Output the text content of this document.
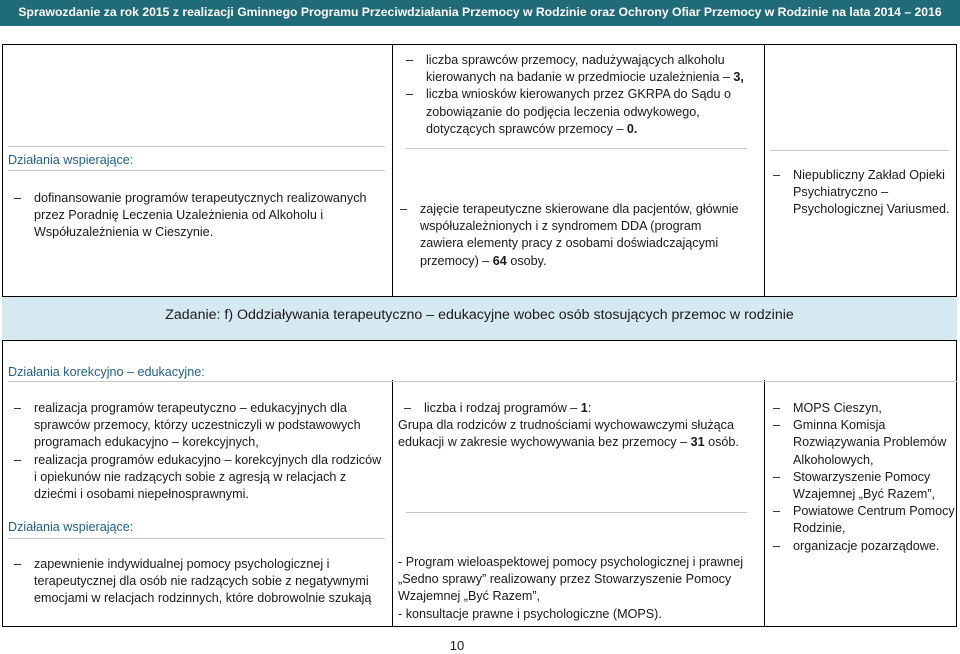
Sprawozdanie za rok 2015 z realizacji Gminnego Programu Przeciwdziałania Przemocy w Rodzinie oraz Ochrony Ofiar Przemocy w Rodzinie na lata 2014 – 2016
– liczba sprawców przemocy, nadużywających alkoholu kierowanych na badanie w przedmiocie uzależnienia – 3,
– liczba wniosków kierowanych przez GKRPA do Sądu o zobowiązanie do podjęcia leczenia odwykowego, dotyczących sprawców przemocy – 0.
Działania wspierające:
– dofinansowanie programów terapeutycznych realizowanych przez Poradnię Leczenia Uzależnienia od Alkoholu i Współuzależnienia w Cieszynie.
– zajęcie terapeutyczne skierowane dla pacjentów, głównie współuzależnionych i z syndromem DDA (program zawiera elementy pracy z osobami doświadczającymi przemocy) – 64 osoby.
– Niepubliczny Zakład Opieki Psychiatryczno – Psychologicznej Variusmed.
Zadanie: f) Oddziaływania terapeutyczno – edukacyjne wobec osób stosujących przemoc w rodzinie
Działania korekcyjno – edukacyjne:
– realizacja programów terapeutyczno – edukacyjnych dla sprawców przemocy, którzy uczestniczyli w podstawowych programach edukacyjno – korekcyjnych,
– realizacja programów edukacyjno – korekcyjnych dla rodziców i opiekunów nie radzących sobie z agresją w relacjach z dziećmi i osobami niepełnosprawnymi.
Działania wspierające:
– zapewnienie indywidualnej pomocy psychologicznej i terapeutycznej dla osób nie radzących sobie z negatywnymi emocjami w relacjach rodzinnych, które dobrowolnie szukają
– liczba i rodzaj programów – 1:
Grupa dla rodziców z trudnościami wychowawczymi służąca edukacji w zakresie wychowywania bez przemocy – 31 osób.
- Program wieloaspektowej pomocy psychologicznej i prawnej „Sedno sprawy” realizowany przez Stowarzyszenie Pomocy Wzajemnej „Być Razem”,
- konsultacje prawne i psychologiczne (MOPS).
– MOPS Cieszyn,
– Gminna Komisja Rozwiązywania Problemów Alkoholowych,
– Stowarzyszenie Pomocy Wzajemnej „Być Razem”,
– Powiatowe Centrum Pomocy Rodzinie,
– organizacje pozarządowe.
10
